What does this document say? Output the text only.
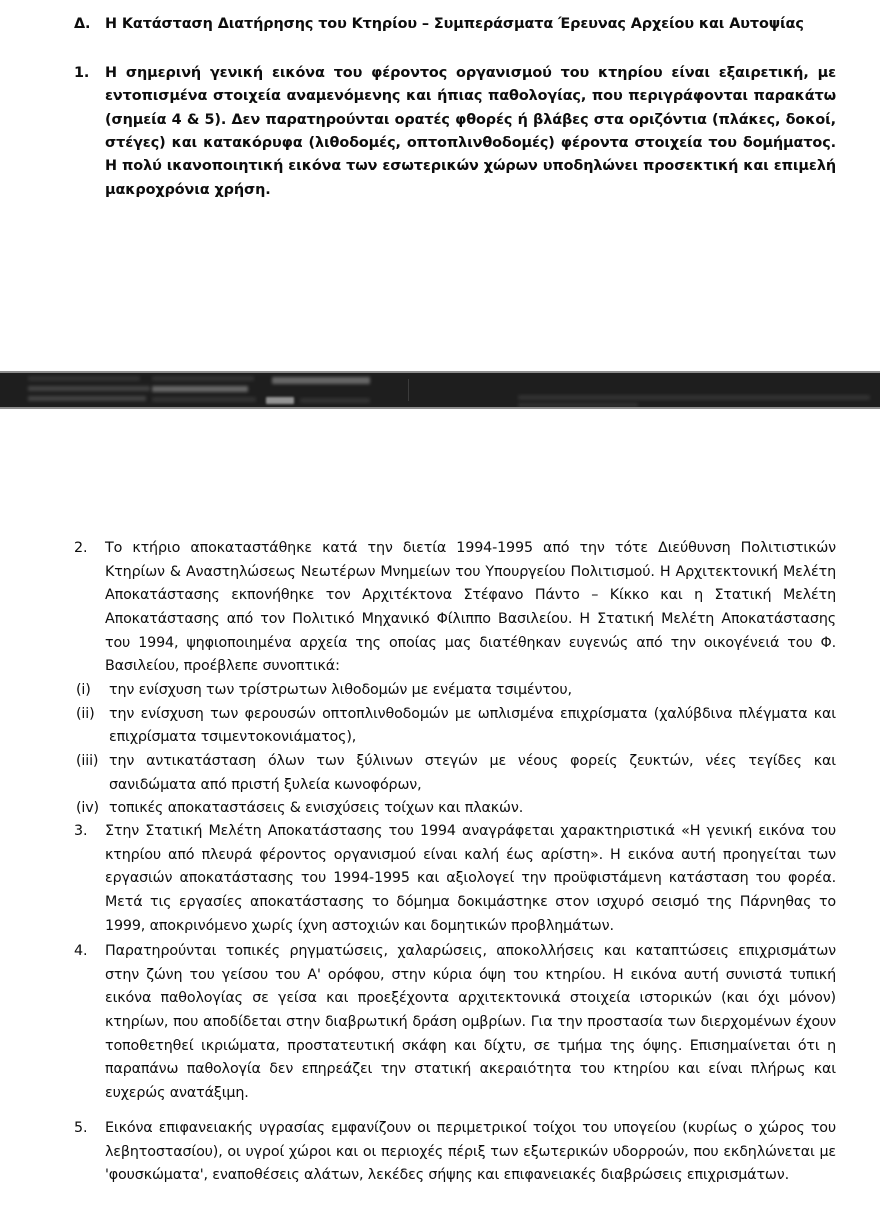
Δ.	Η Κατάσταση Διατήρησης του Κτηρίου – Συμπεράσματα Έρευνας Αρχείου και Αυτοψίας
1.	Η σημερινή γενική εικόνα του φέροντος οργανισμού του κτηρίου είναι εξαιρετική, με εντοπισμένα στοιχεία αναμενόμενης και ήπιας παθολογίας, που περιγράφονται παρακάτω (σημεία 4 & 5). Δεν παρατηρούνται ορατές φθορές ή βλάβες στα οριζόντια (πλάκες, δοκοί, στέγες) και κατακόρυφα (λιθοδομές, οπτοπλινθοδομές) φέροντα στοιχεία του δομήματος. Η πολύ ικανοποιητική εικόνα των εσωτερικών χώρων υποδηλώνει προσεκτική και επιμελή μακροχρόνια χρήση.
2.	Το κτήριο αποκαταστάθηκε κατά την διετία 1994-1995 από την τότε Διεύθυνση Πολιτιστικών Κτηρίων & Αναστηλώσεως Νεωτέρων Μνημείων του Υπουργείου Πολιτισμού. Η Αρχιτεκτονική Μελέτη Αποκατάστασης εκπονήθηκε τον Αρχιτέκτονα Στέφανο Πάντο – Κίκκο και η Στατική Μελέτη Αποκατάστασης από τον Πολιτικό Μηχανικό Φίλιππο Βασιλείου. Η Στατική Μελέτη Αποκατάστασης του 1994, ψηφιοποιημένα αρχεία της οποίας μας διατέθηκαν ευγενώς από την οικογένειά του Φ. Βασιλείου, προέβλεπε συνοπτικά:
(i)	την ενίσχυση των τρίστρωτων λιθοδομών με ενέματα τσιμέντου,
(ii)	την ενίσχυση των φερουσών οπτοπλινθοδομών με ωπλισμένα επιχρίσματα (χαλύβδινα πλέγματα και επιχρίσματα τσιμεντοκονιάματος),
(iii) την αντικατάσταση όλων των ξύλινων στεγών με νέους φορείς ζευκτών, νέες τεγίδες και σανιδώματα από πριστή ξυλεία κωνοφόρων,
(iv) τοπικές αποκαταστάσεις & ενισχύσεις τοίχων και πλακών.
3.	Στην Στατική Μελέτη Αποκατάστασης του 1994 αναγράφεται χαρακτηριστικά «Η γενική εικόνα του κτηρίου από πλευρά φέροντος οργανισμού είναι καλή έως αρίστη». Η εικόνα αυτή προηγείται των εργασιών αποκατάστασης του 1994-1995 και αξιολογεί την προϋφιστάμενη κατάσταση του φορέα. Μετά τις εργασίες αποκατάστασης το δόμημα δοκιμάστηκε στον ισχυρό σεισμό της Πάρνηθας το 1999, αποκρινόμενο χωρίς ίχνη αστοχιών και δομητικών προβλημάτων.
4.	Παρατηρούνται τοπικές ρηγματώσεις, χαλαρώσεις, αποκολλήσεις και καταπτώσεις επιχρισμάτων στην ζώνη του γείσου του Α' ορόφου, στην κύρια όψη του κτηρίου. Η εικόνα αυτή συνιστά τυπική εικόνα παθολογίας σε γείσα και προεξέχοντα αρχιτεκτονικά στοιχεία ιστορικών (και όχι μόνον) κτηρίων, που αποδίδεται στην διαβρωτική δράση ομβρίων. Για την προστασία των διερχομένων έχουν τοποθετηθεί ικριώματα, προστατευτική σκάφη και δίχτυ, σε τμήμα της όψης. Επισημαίνεται ότι η παραπάνω παθολογία δεν επηρεάζει την στατική ακεραιότητα του κτηρίου και είναι πλήρως και ευχερώς ανατάξιμη.
5.	Εικόνα επιφανειακής υγρασίας εμφανίζουν οι περιμετρικοί τοίχοι του υπογείου (κυρίως ο χώρος του λεβητοστασίου), οι υγροί χώροι και οι περιοχές πέριξ των εξωτερικών υδορροών, που εκδηλώνεται με 'φουσκώματα', εναποθέσεις αλάτων, λεκέδες σήψης και επιφανειακές διαβρώσεις επιχρισμάτων.
